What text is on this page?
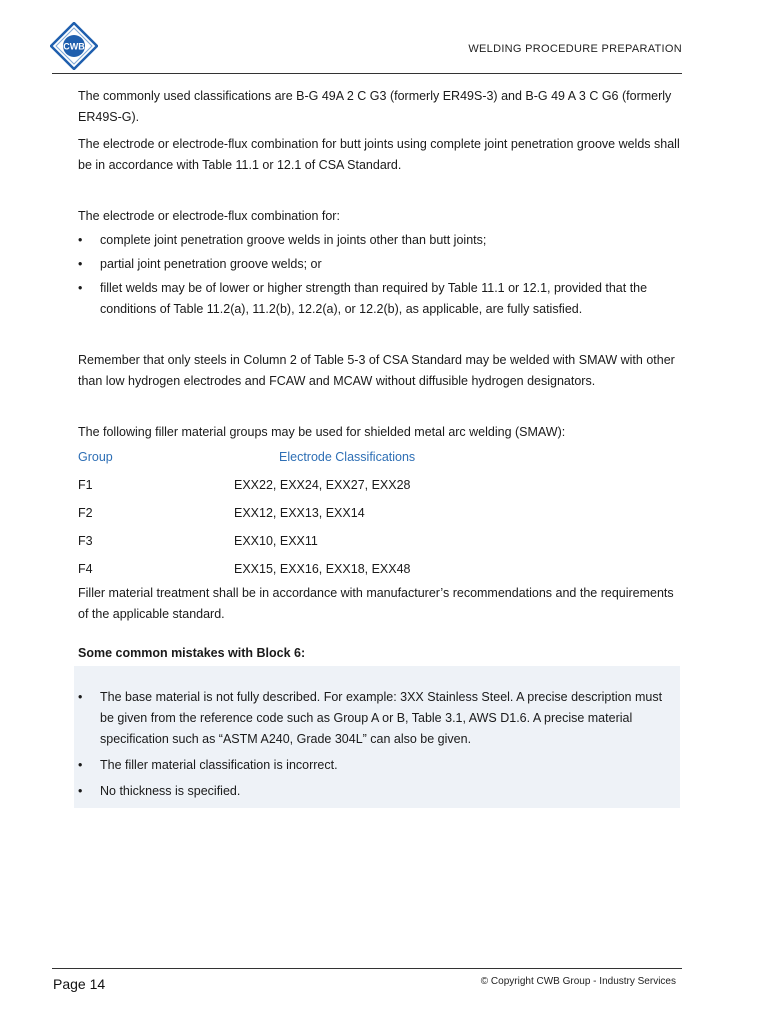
CWB	WELDING PROCEDURE PREPARATION

The commonly used classifications are B-G 49A 2 C G3 (formerly ER49S-3) and B-G 49 A 3 C G6 (formerly ER49S-G).

The electrode or electrode-flux combination for butt joints using complete joint penetration groove welds shall be in accordance with Table 11.1 or 12.1 of CSA Standard.

The electrode or electrode-flux combination for:

• complete joint penetration groove welds in joints other than butt joints;
• partial joint penetration groove welds; or
• fillet welds may be of lower or higher strength than required by Table 11.1 or 12.1, provided that the conditions of Table 11.2(a), 11.2(b), 12.2(a), or 12.2(b), as applicable, are fully satisfied.

Remember that only steels in Column 2 of Table 5-3 of CSA Standard may be welded with SMAW with other than low hydrogen electrodes and FCAW and MCAW without diffusible hydrogen designators.

The following filler material groups may be used for shielded metal arc welding (SMAW):

Group	Electrode Classifications
F1	EXX22, EXX24, EXX27, EXX28
F2	EXX12, EXX13, EXX14
F3	EXX10, EXX11
F4	EXX15, EXX16, EXX18, EXX48

Filler material treatment shall be in accordance with manufacturer’s recommendations and the requirements of the applicable standard.

Some common mistakes with Block 6:

• The base material is not fully described. For example: 3XX Stainless Steel. A precise description must be given from the reference code such as Group A or B, Table 3.1, AWS D1.6. A precise material specification such as “ASTM A240, Grade 304L” can also be given.
• The filler material classification is incorrect.
• No thickness is specified.
Page 14	© Copyright CWB Group - Industry Services
